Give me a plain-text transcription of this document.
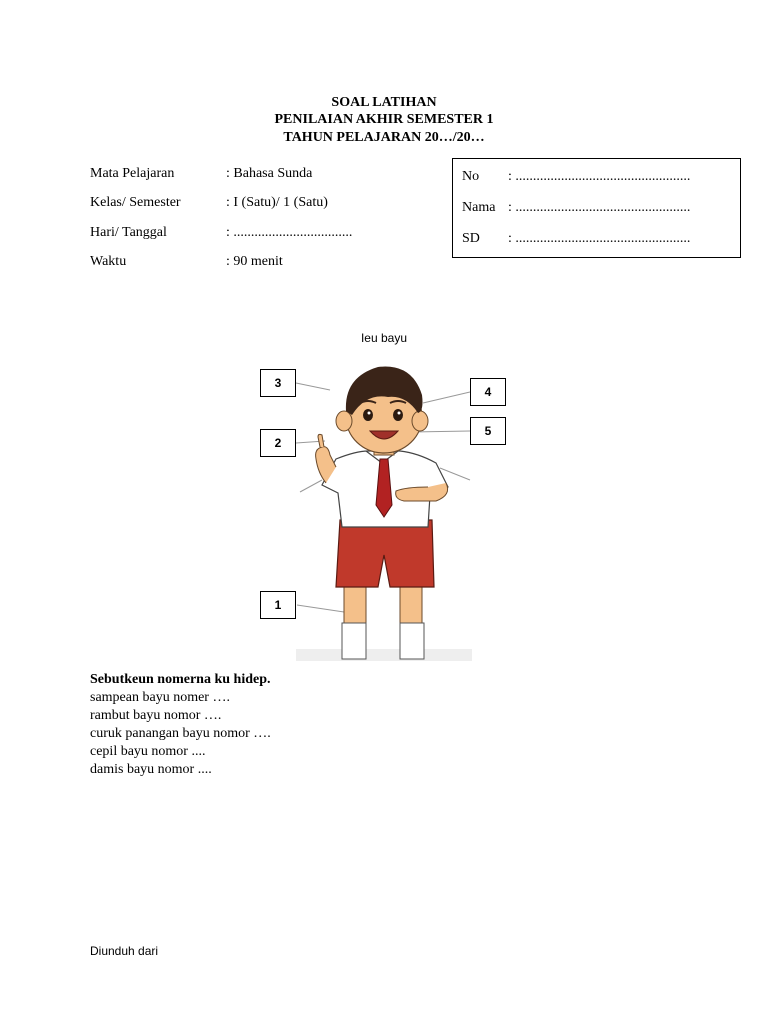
SOAL LATIHAN
PENILAIAN AKHIR SEMESTER 1
TAHUN PELAJARAN 20…/20…
Mata Pelajaran	: Bahasa Sunda
Kelas/ Semester	: I (Satu)/ 1 (Satu)
Hari/ Tanggal	: ..................................
Waktu	: 90 menit
No : ..................................................
Nama : ..................................................
SD : ..................................................
Ieu bayu
3
2
4
5
1
Sebutkeun nomerna ku hidep.
sampean bayu nomer ….
rambut bayu nomor ….
curuk panangan bayu nomor ….
cepil bayu nomor ....
damis bayu nomor ....
Diunduh dari
